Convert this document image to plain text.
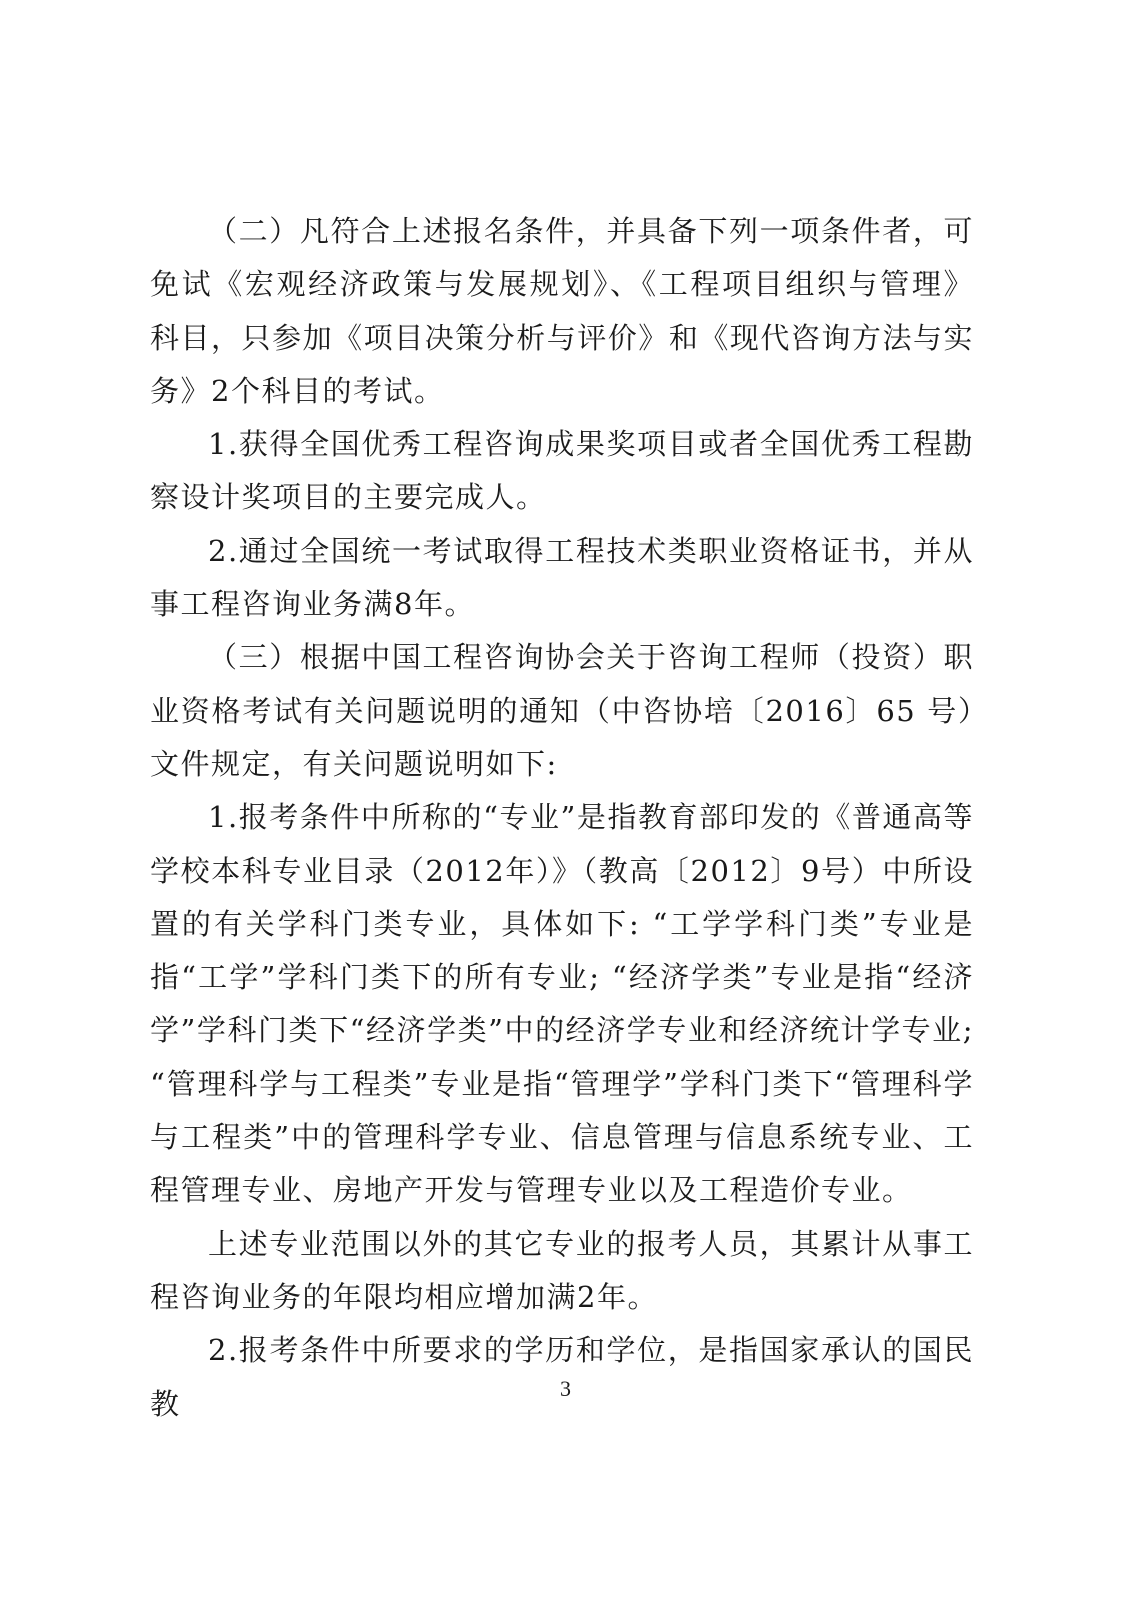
（二）凡符合上述报名条件，并具备下列一项条件者，可免试《宏观经济政策与发展规划》、《工程项目组织与管理》科目，只参加《项目决策分析与评价》和《现代咨询方法与实务》2个科目的考试。

1.获得全国优秀工程咨询成果奖项目或者全国优秀工程勘察设计奖项目的主要完成人。

2.通过全国统一考试取得工程技术类职业资格证书，并从事工程咨询业务满8年。

（三）根据中国工程咨询协会关于咨询工程师（投资）职业资格考试有关问题说明的通知（中咨协培〔2016〕65 号）文件规定，有关问题说明如下:

1.报考条件中所称的“专业”是指教育部印发的《普通高等学校本科专业目录（2012年）》（教高〔2012〕9号）中所设置的有关学科门类专业，具体如下: “工学学科门类”专业是指“工学”学科门类下的所有专业; “经济学类”专业是指“经济学”学科门类下“经济学类”中的经济学专业和经济统计学专业; “管理科学与工程类”专业是指“管理学”学科门类下“管理科学与工程类”中的管理科学专业、信息管理与信息系统专业、工程管理专业、房地产开发与管理专业以及工程造价专业。

上述专业范围以外的其它专业的报考人员，其累计从事工程咨询业务的年限均相应增加满2年。

2.报考条件中所要求的学历和学位，是指国家承认的国民教	3
